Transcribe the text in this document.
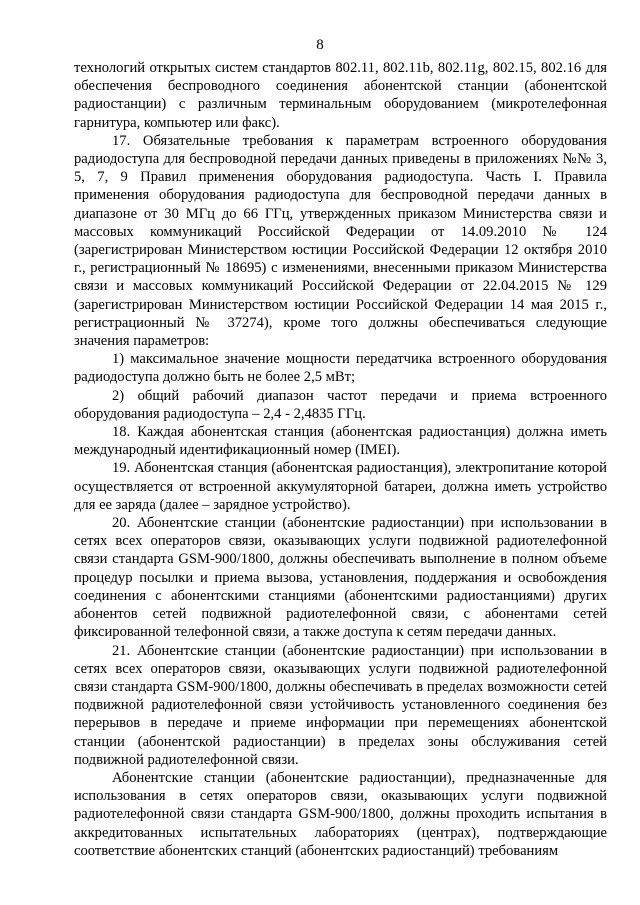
8

технологий открытых систем стандартов 802.11, 802.11b, 802.11g, 802.15, 802.16 для обеспечения беспроводного соединения абонентской станции (абонентской радиостанции) с различным терминальным оборудованием (микротелефонная гарнитура, компьютер или факс).

17. Обязательные требования к параметрам встроенного оборудования радиодоступа для беспроводной передачи данных приведены в приложениях №№ 3, 5, 7, 9 Правил применения оборудования радиодоступа. Часть I. Правила применения оборудования радиодоступа для беспроводной передачи данных в диапазоне от 30 МГц до 66 ГГц, утвержденных приказом Министерства связи и массовых коммуникаций Российской Федерации от 14.09.2010 № 124 (зарегистрирован Министерством юстиции Российской Федерации 12 октября 2010 г., регистрационный № 18695) с изменениями, внесенными приказом Министерства связи и массовых коммуникаций Российской Федерации от 22.04.2015 № 129 (зарегистрирован Министерством юстиции Российской Федерации 14 мая 2015 г., регистрационный № 37274), кроме того должны обеспечиваться следующие значения параметров:

1) максимальное значение мощности передатчика встроенного оборудования радиодоступа должно быть не более 2,5 мВт;

2) общий рабочий диапазон частот передачи и приема встроенного оборудования радиодоступа – 2,4 - 2,4835 ГГц.

18. Каждая абонентская станция (абонентская радиостанция) должна иметь международный идентификационный номер (IMEI).

19. Абонентская станция (абонентская радиостанция), электропитание которой осуществляется от встроенной аккумуляторной батареи, должна иметь устройство для ее заряда (далее – зарядное устройство).

20. Абонентские станции (абонентские радиостанции) при использовании в сетях всех операторов связи, оказывающих услуги подвижной радиотелефонной связи стандарта GSM-900/1800, должны обеспечивать выполнение в полном объеме процедур посылки и приема вызова, установления, поддержания и освобождения соединения с абонентскими станциями (абонентскими радиостанциями) других абонентов сетей подвижной радиотелефонной связи, с абонентами сетей фиксированной телефонной связи, а также доступа к сетям передачи данных.

21. Абонентские станции (абонентские радиостанции) при использовании в сетях всех операторов связи, оказывающих услуги подвижной радиотелефонной связи стандарта GSM-900/1800, должны обеспечивать в пределах возможности сетей подвижной радиотелефонной связи устойчивость установленного соединения без перерывов в передаче и приеме информации при перемещениях абонентской станции (абонентской радиостанции) в пределах зоны обслуживания сетей подвижной радиотелефонной связи.

Абонентские станции (абонентские радиостанции), предназначенные для использования в сетях операторов связи, оказывающих услуги подвижной радиотелефонной связи стандарта GSM-900/1800, должны проходить испытания в аккредитованных испытательных лабораториях (центрах), подтверждающие соответствие абонентских станций (абонентских радиостанций) требованиям
